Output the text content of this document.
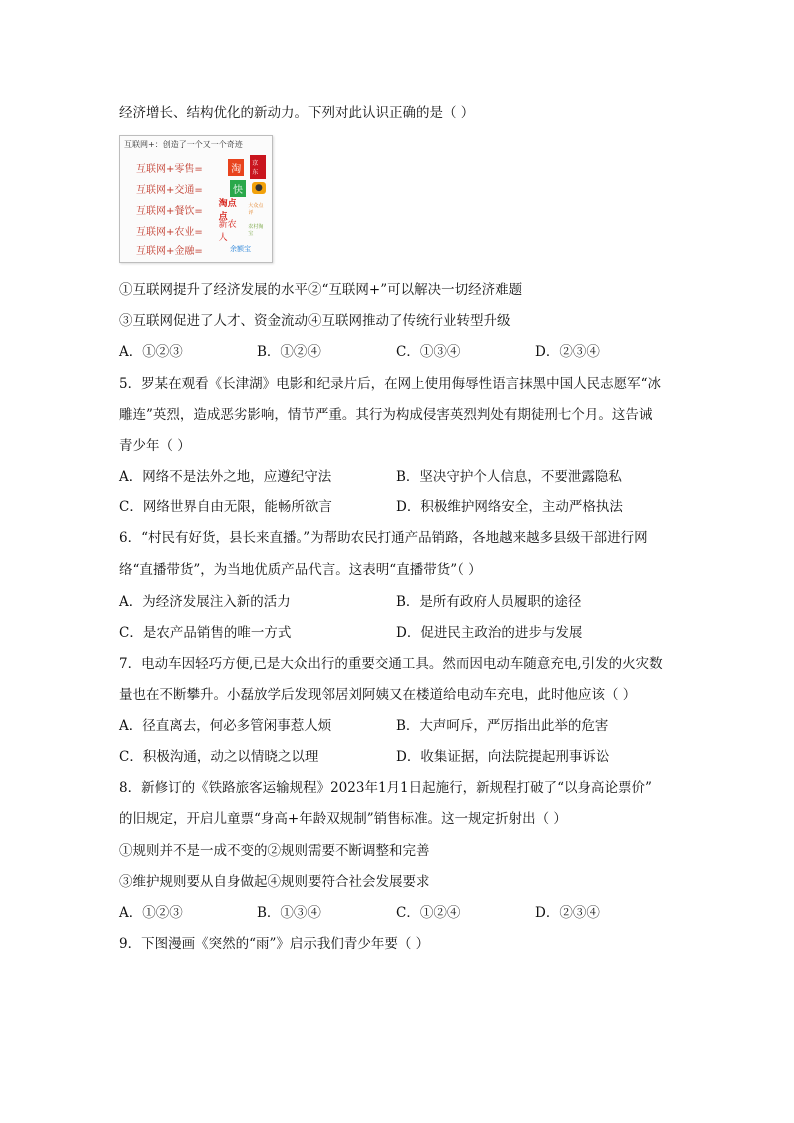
经济增长、结构优化的新动力。下列对此认识正确的是（ ）
互联网+：创造了一个又一个奇迹
互联网+零售=	淘	京东
互联网+交通=	快	●
互联网+餐饮=
淘点点
大众点评
互联网+农业=
新农人
农村淘宝
互联网+金融=	余额宝
①互联网提升了经济发展的水平②“互联网+”可以解决一切经济难题
③互联网促进了人才、资金流动④互联网推动了传统行业转型升级
A．①②③	B．①②④	C．①③④	D．②③④
5．罗某在观看《长津湖》电影和纪录片后，在网上使用侮辱性语言抹黑中国人民志愿军“冰
雕连”英烈，造成恶劣影响，情节严重。其行为构成侵害英烈判处有期徒刑七个月。这告诫
青少年（ ）
A．网络不是法外之地，应遵纪守法	B．坚决守护个人信息，不要泄露隐私
C．网络世界自由无限，能畅所欲言	D．积极维护网络安全，主动严格执法
6．“村民有好货，县长来直播。”为帮助农民打通产品销路，各地越来越多县级干部进行网
络“直播带货”，为当地优质产品代言。这表明“直播带货”（ ）
A．为经济发展注入新的活力	B．是所有政府人员履职的途径
C．是农产品销售的唯一方式	D．促进民主政治的进步与发展
7．电动车因轻巧方便,已是大众出行的重要交通工具。然而因电动车随意充电,引发的火灾数
量也在不断攀升。小磊放学后发现邻居刘阿姨又在楼道给电动车充电，此时他应该（ ）
A．径直离去，何必多管闲事惹人烦	B．大声呵斥，严厉指出此举的危害
C．积极沟通，动之以情晓之以理	D．收集证据，向法院提起刑事诉讼
8．新修订的《铁路旅客运输规程》2023年1月1日起施行，新规程打破了“以身高论票价”
的旧规定，开启儿童票“身高+年龄双规制”销售标准。这一规定折射出（ ）
①规则并不是一成不变的②规则需要不断调整和完善
③维护规则要从自身做起④规则要符合社会发展要求
A．①②③	B．①③④	C．①②④	D．②③④
9．下图漫画《突然的“雨”》启示我们青少年要（ ）
